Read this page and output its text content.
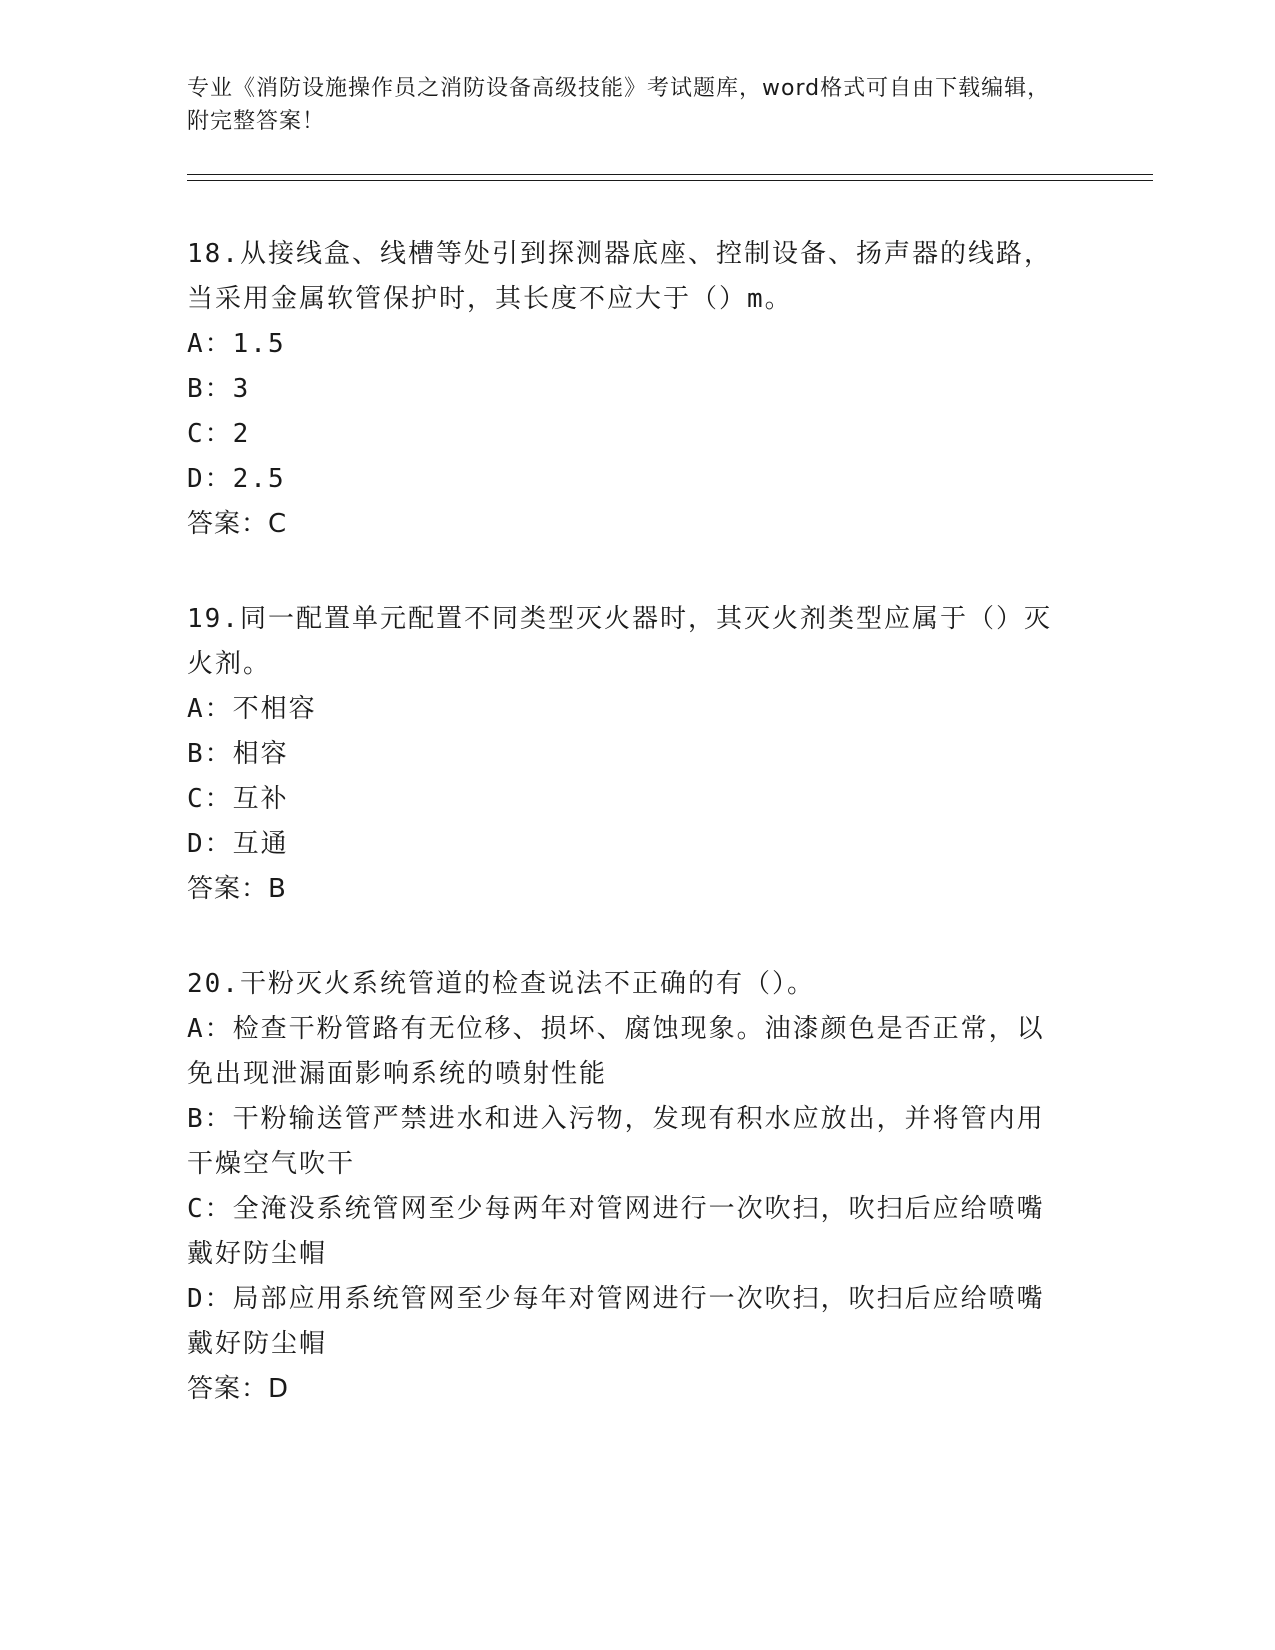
专业《消防设施操作员之消防设备高级技能》考试题库，word格式可自由下载编辑，附完整答案！

18.从接线盒、线槽等处引到探测器底座、控制设备、扬声器的线路，当采用金属软管保护时，其长度不应大于（）m。

A：1.5

B：3

C：2

D：2.5

答案：C

19.同一配置单元配置不同类型灭火器时，其灭火剂类型应属于（）灭火剂。

A：不相容

B：相容

C：互补

D：互通

答案：B

20.干粉灭火系统管道的检查说法不正确的有（）。

A：检查干粉管路有无位移、损坏、腐蚀现象。油漆颜色是否正常，以免出现泄漏面影响系统的喷射性能

B：干粉输送管严禁进水和进入污物，发现有积水应放出，并将管内用干燥空气吹干

C：全淹没系统管网至少每两年对管网进行一次吹扫，吹扫后应给喷嘴戴好防尘帽

D：局部应用系统管网至少每年对管网进行一次吹扫，吹扫后应给喷嘴戴好防尘帽

答案：D
